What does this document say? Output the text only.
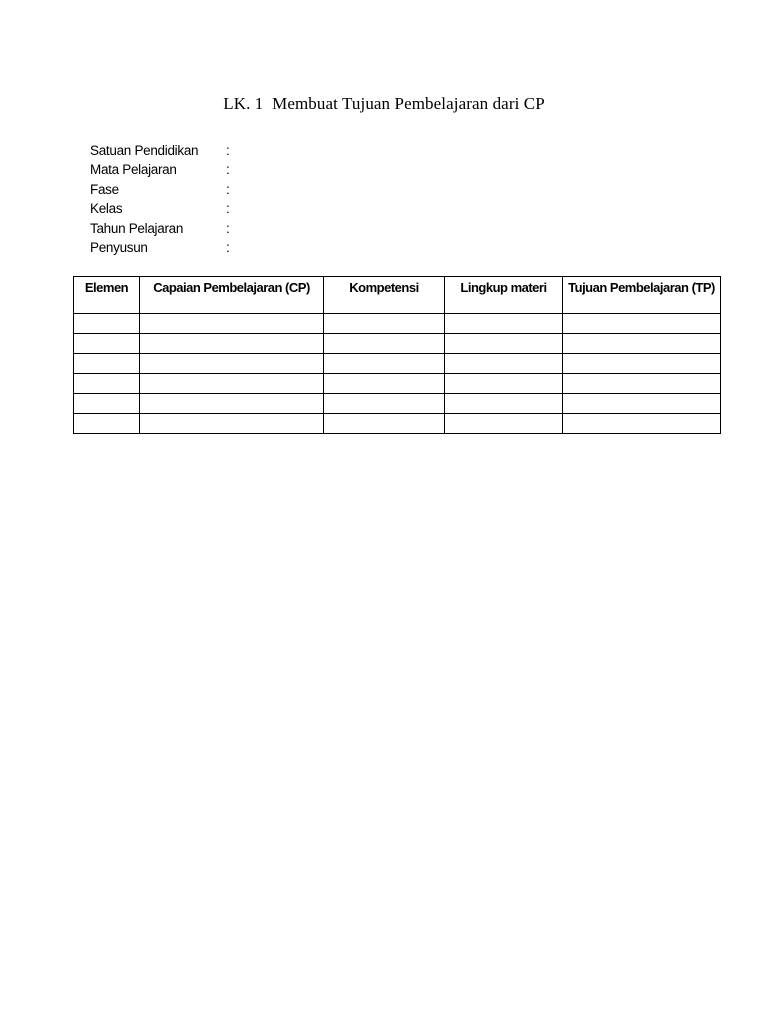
LK. 1  Membuat Tujuan Pembelajaran dari CP
Satuan Pendidikan :
Mata Pelajaran	:
Fase	:
Kelas	:
Tahun Pelajaran	:
Penyusun	:
Elemen	Capaian Pembelajaran (CP)	Kompetensi	Lingkup materi	Tujuan Pembelajaran (TP)
